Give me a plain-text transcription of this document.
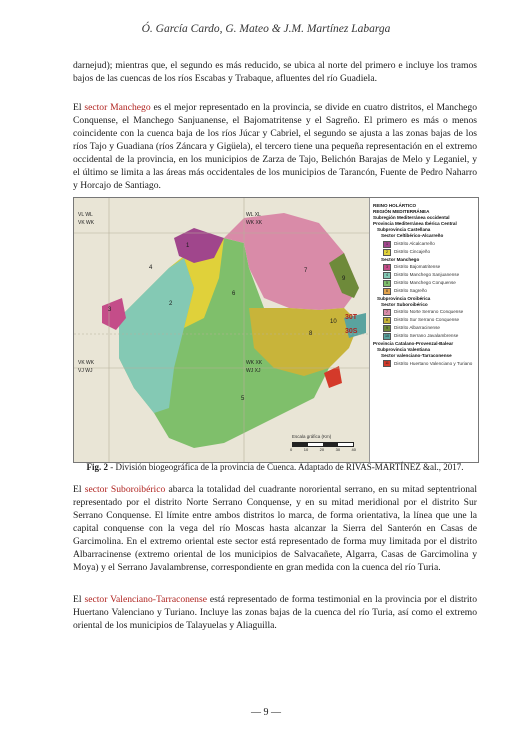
Ó. García Cardo, G. Mateo & J.M. Martínez Labarga

darnejud); mientras que, el segundo es más reducido, se ubica al norte del primero e incluye los tramos bajos de las cuencas de los ríos Escabas y Trabaque, afluentes del río Guadiela.

El sector Manchego es el mejor representado en la provincia, se divide en cuatro distritos, el Manchego Conquense, el Manchego Sanjuanense, el Bajomatritense y el Sagreño. El primero es más o menos coincidente con la cuenca baja de los ríos Júcar y Cabriel, el segundo se ajusta a las zonas bajas de los ríos Tajo y Guadiana (ríos Záncara y Gigüela), el tercero tiene una pequeña representación en el extremo occidental de la provincia, en los municipios de Zarza de Tajo, Belichón Barajas de Melo y Leganiel, y el último se limita a las áreas más occidentales de los municipios de Tarancón, Fuente de Pedro Naharro y Horcajo de Santiago.

VL WL
VK WK
WL XL
WK XK
VK WK
VJ WJ
WK XK
WJ XJ
30T
30S
1
2
3
4
5
6
7
8
9
10
Escala gráfica (Km)
0	10	20	30	40
REINO HOLÁRTICO
REGIÓN MEDITERRÁNEA
Subregión Mediterránea occidental
Provincia Mediterránea Ibérica Central
Subprovincia Castellana
Sector Celtibérico-Alcarreño
1	Distrito Alcalcarreño
2	Distrito Cincajeño
Sector Manchego
3	Distrito Bajomatritense
4	Distrito Manchego Sanjuanense
5	Distrito Manchego Conquense
6	Distrito Sagreño
Subprovincia Oroibérica
Sector Suboroibérico
7	Distrito Norte Serrano Conquense
8	Distrito Sur Serrano Conquense
9	Distrito Albarracinense
10	Distrito Serrano Javalambrense
Provincia Catalano-Provenzal-Balear
Subprovincia Valentiana
Sector valenciano-Tarraconense
11	Distrito Huertano Valenciano y Turiano
Fig. 2 - División biogeográfica de la provincia de Cuenca. Adaptado de RIVAS-MARTÍNEZ &al., 2017.

El sector Suboroibérico abarca la totalidad del cuadrante nororiental serrano, en su mitad septentrional representado por el distrito Norte Serrano Conquense, y en su mitad meridional por el distrito Sur Serrano Conquense. El límite entre ambos distritos lo marca, de forma orientativa, la línea que une la capital conquense con la vega del río Moscas hasta alcanzar la Sierra del Santerón en Casas de Garcimolina. En el extremo oriental este sector está representado de forma muy limitada por el distrito Albarracinense (extremo oriental de los municipios de Salvacañete, Algarra, Casas de Garcimolina y Moya) y el Serrano Javalambrense, correspondiente en gran medida con la cuenca del río Turia.

El sector Valenciano-Tarraconense está representado de forma testimonial en la provincia por el distrito Huertano Valenciano y Turiano. Incluye las zonas bajas de la cuenca del río Turia, así como el extremo oriental de los municipios de Talayuelas y Aliaguilla.

— 9 —
